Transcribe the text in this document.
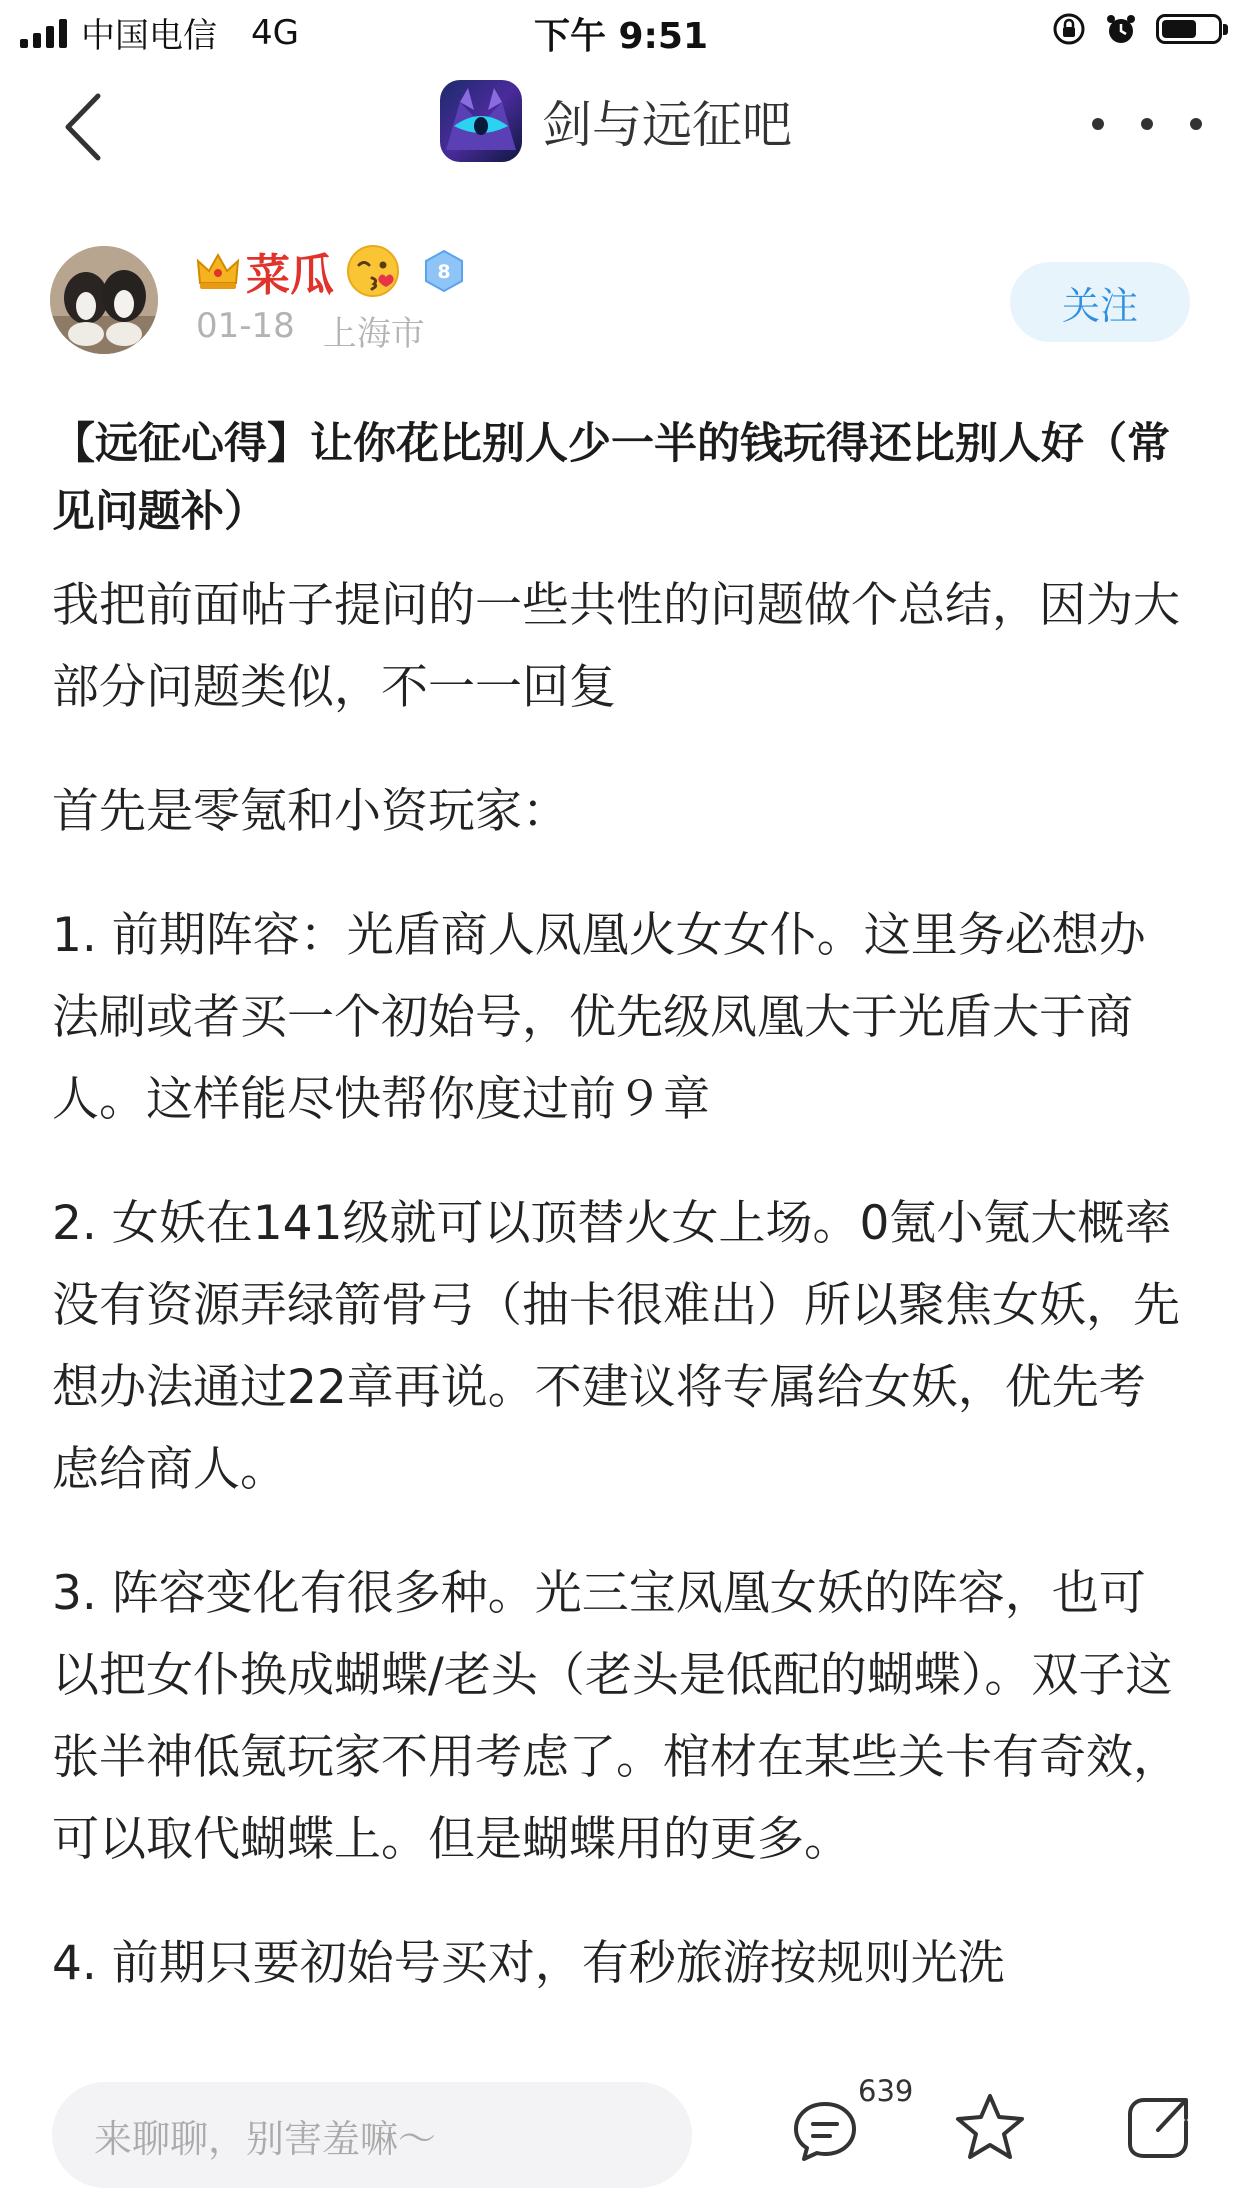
中国电信 4G	下午 9:51
剑与远征吧
菜瓜	8
01-18 上海市
关注
【远征心得】让你花比别人少一半的钱玩得还比别人好（常见问题补）

我把前面帖子提问的一些共性的问题做个总结，因为大部分问题类似，不一一回复

首先是零氪和小资玩家：

1. 前期阵容：光盾商人凤凰火女女仆。这里务必想办法刷或者买一个初始号，优先级凤凰大于光盾大于商人。这样能尽快帮你度过前９章

2. 女妖在141级就可以顶替火女上场。0氪小氪大概率没有资源弄绿箭骨弓（抽卡很难出）所以聚焦女妖，先想办法通过22章再说。不建议将专属给女妖，优先考虑给商人。

3. 阵容变化有很多种。光三宝凤凰女妖的阵容，也可以把女仆换成蝴蝶/老头（老头是低配的蝴蝶）。双子这张半神低氪玩家不用考虑了。棺材在某些关卡有奇效，可以取代蝴蝶上。但是蝴蝶用的更多。

4. 前期只要初始号买对，有秒旅游按规则光洗

来聊聊，别害羞嘛～
639
